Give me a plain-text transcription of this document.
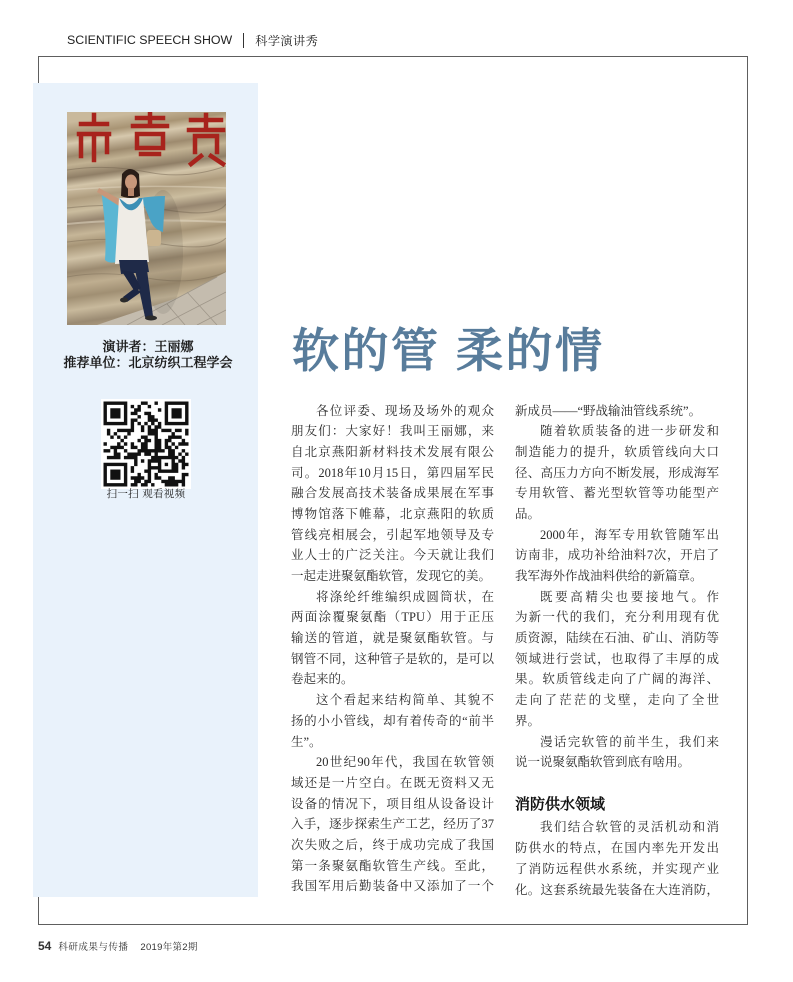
SCIENTIFIC SPEECH SHOW 科学演讲秀
演讲者：王丽娜
推荐单位：北京纺织工程学会
扫一扫 观看视频
软的管 柔的情
各位评委、现场及场外的观众
朋友们：大家好！我叫王丽娜，来
自北京燕阳新材料技术发展有限公
司。2018年10月15日，第四届军民
融合发展高技术装备成果展在军事
博物馆落下帷幕，北京燕阳的软质
管线亮相展会，引起军地领导及专
业人士的广泛关注。今天就让我们
一起走进聚氨酯软管，发现它的美。
将涤纶纤维编织成圆筒状，在
两面涂覆聚氨酯（TPU）用于正压
输送的管道，就是聚氨酯软管。与
钢管不同，这种管子是软的，是可以
卷起来的。
这个看起来结构简单、其貌不
扬的小小管线，却有着传奇的“前半
生”。
20世纪90年代，我国在软管领
域还是一片空白。在既无资料又无
设备的情况下，项目组从设备设计
入手，逐步探索生产工艺，经历了37
次失败之后，终于成功完成了我国
第一条聚氨酯软管生产线。至此，
我国军用后勤装备中又添加了一个
新成员——“野战输油管线系统”。
随着软质装备的进一步研发和
制造能力的提升，软质管线向大口
径、高压力方向不断发展，形成海军
专用软管、蓄光型软管等功能型产
品。
2000年，海军专用软管随军出
访南非，成功补给油料7次，开启了
我军海外作战油料供给的新篇章。
既要高精尖也要接地气。作
为新一代的我们，充分利用现有优
质资源，陆续在石油、矿山、消防等
领域进行尝试，也取得了丰厚的成
果。软质管线走向了广阔的海洋、
走向了茫茫的戈壁，走向了全世
界。
漫话完软管的前半生，我们来
说一说聚氨酯软管到底有啥用。
消防供水领域
我们结合软管的灵活机动和消
防供水的特点，在国内率先开发出
了消防远程供水系统，并实现产业
化。这套系统最先装备在大连消防，
54 科研成果与传播 2019年第2期
